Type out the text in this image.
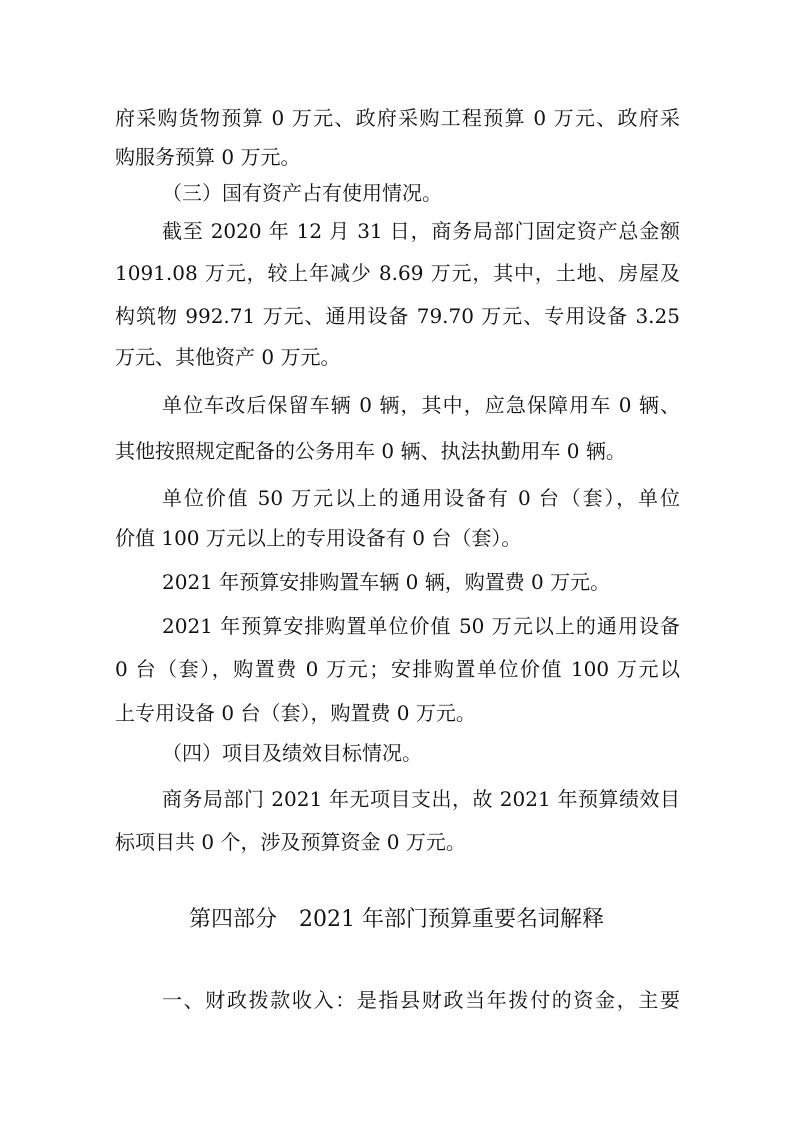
府采购货物预算 0 万元、政府采购工程预算 0 万元、政府采
购服务预算 0 万元。
（三）国有资产占有使用情况。
截至 2020 年 12 月 31 日，商务局部门固定资产总金额
1091.08 万元，较上年减少 8.69 万元，其中，土地、房屋及
构筑物 992.71 万元、通用设备 79.70 万元、专用设备 3.25
万元、其他资产 0 万元。
单位车改后保留车辆 0 辆，其中，应急保障用车 0 辆、
其他按照规定配备的公务用车 0 辆、执法执勤用车 0 辆。
单位价值 50 万元以上的通用设备有 0 台（套），单位
价值 100 万元以上的专用设备有 0 台（套）。
2021 年预算安排购置车辆 0 辆，购置费 0 万元。
2021 年预算安排购置单位价值 50 万元以上的通用设备
0 台（套），购置费 0 万元；安排购置单位价值 100 万元以
上专用设备 0 台（套），购置费 0 万元。
（四）项目及绩效目标情况。
商务局部门 2021 年无项目支出，故 2021 年预算绩效目
标项目共 0 个，涉及预算资金 0 万元。
第四部分　2021 年部门预算重要名词解释
一、财政拨款收入：是指县财政当年拨付的资金，主要
